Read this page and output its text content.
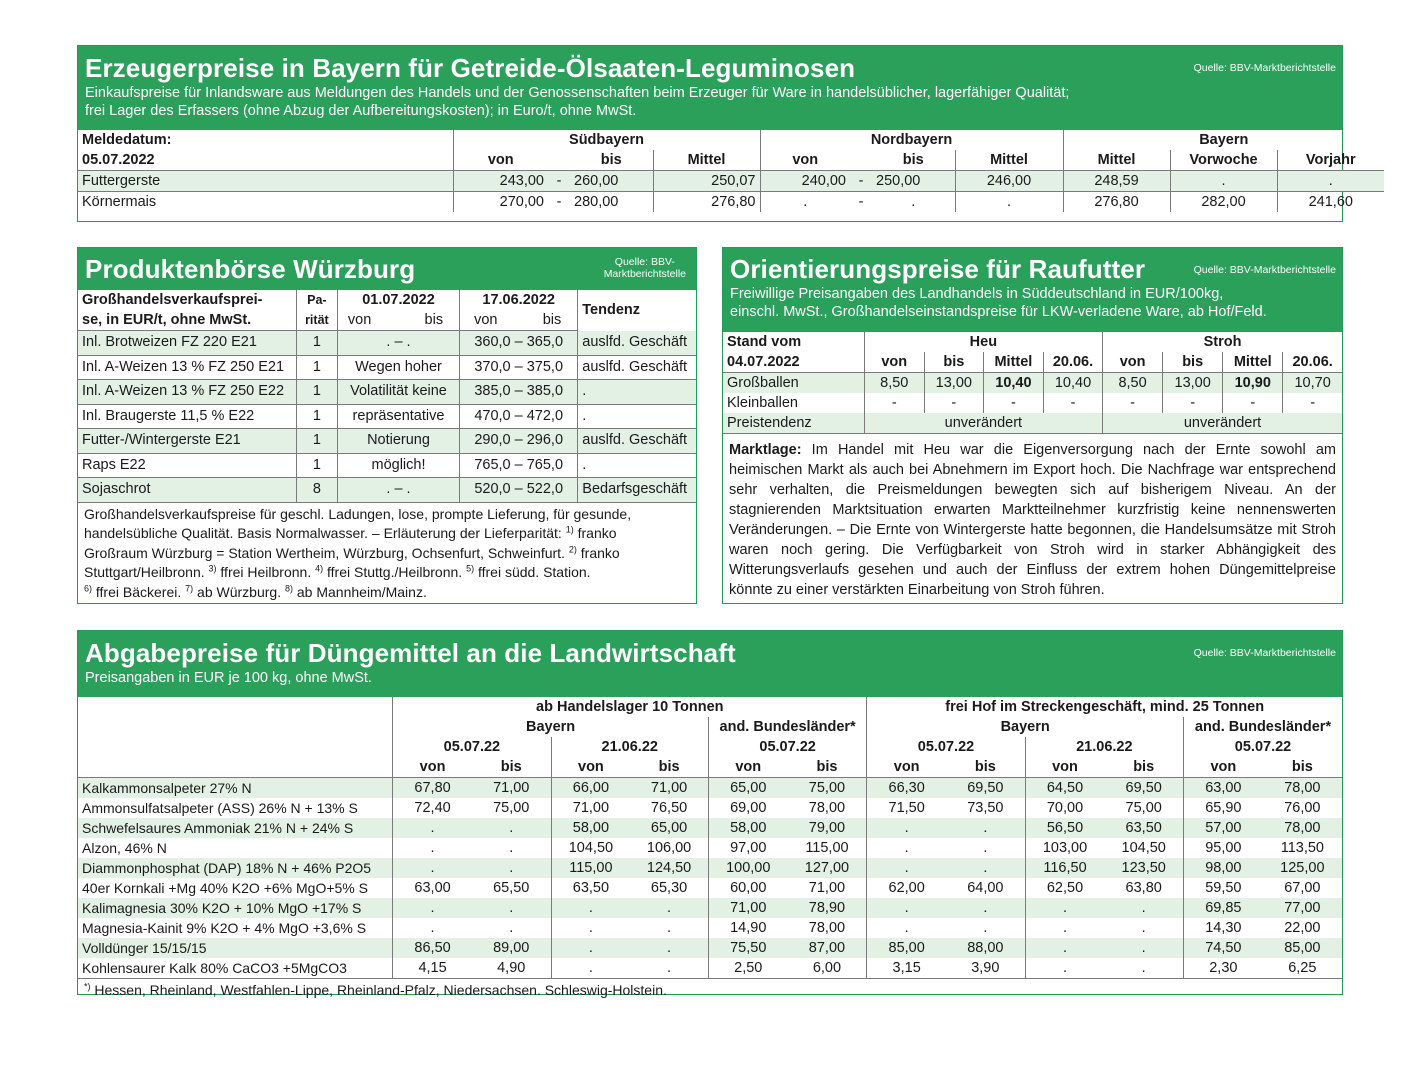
Erzeugerpreise in Bayern für Getreide-Ölsaaten-Leguminosen	Quelle: BBV-Marktberichtstelle
Einkaufspreise für Inlandsware aus Meldungen des Handels und der Genossenschaften beim Erzeuger für Ware in handelsüblicher, lagerfähiger Qualität;
frei Lager des Erfassers (ohne Abzug der Aufbereitungskosten); in Euro/t, ohne MwSt.
Meldedatum:	Südbayern				Nordbayern				Bayern		
05.07.2022	von		bis	Mittel	von		bis	Mittel	Mittel	Vorwoche	Vorjahr
Futtergerste	243,00	-	260,00	250,07	240,00	-	250,00	246,00	248,59	.	.
Körnermais	270,00	-	280,00	276,80	.	-	.	.	276,80	282,00	241,60
Produktenbörse Würzburg	Quelle: BBV-
Marktberichtstelle
Großhandelsverkaufsprei-	Pa-	01.07.2022	17.06.2022	Tendenz
se, in EUR/t, ohne MwSt.	rität	von bis	von bis	
Inl. Brotweizen FZ 220 E21	1	. – .	360,0 – 365,0	auslfd. Geschäft
Inl. A-Weizen 13 % FZ 250 E21	1	Wegen hoher	370,0 – 375,0	auslfd. Geschäft
Inl. A-Weizen 13 % FZ 250 E22	1	Volatilität keine	385,0 – 385,0	.
Inl. Braugerste 11,5 % E22	1	repräsentative	470,0 – 472,0	.
Futter-/Wintergerste E21	1	Notierung	290,0 – 296,0	auslfd. Geschäft
Raps E22	1	möglich!	765,0 – 765,0	.
Sojaschrot	8	. – .	520,0 – 522,0	Bedarfsgeschäft
Großhandelsverkaufspreise für geschl. Ladungen, lose, prompte Lieferung, für gesunde,
handelsübliche Qualität. Basis Normalwasser. – Erläuterung der Lieferparität: $^{1)}$ franko
Großraum Würzburg = Station Wertheim, Würzburg, Ochsenfurt, Schweinfurt. $^{2)}$ franko
Stuttgart/Heilbronn. $^{3)}$ ffrei Heilbronn. $^{4)}$ ffrei Stuttg./Heilbronn. $^{5)}$ ffrei südd. Station.
$^{6)}$ ffrei Bäckerei. $^{7)}$ ab Würzburg. $^{8)}$ ab Mannheim/Mainz.
Orientierungspreise für Raufutter	Quelle: BBV-Marktberichtstelle
Freiwillige Preisangaben des Landhandels in Süddeutschland in EUR/100kg,
einschl. MwSt., Großhandelseinstandspreise für LKW-verladene Ware, ab Hof/Feld.
Stand vom	Heu				Stroh			
04.07.2022	von	bis	Mittel	20.06.	von	bis	Mittel	20.06.
Großballen	8,50	13,00	10,40	10,40	8,50	13,00	10,90	10,70
Kleinballen	-	-	-	-	-	-	-	-
Preistendenz	unverändert				unverändert			
Marktlage: Im Handel mit Heu war die Eigenversorgung nach der Ernte sowohl am heimischen Markt als auch bei Abnehmern im Export hoch. Die Nachfrage war entsprechend sehr verhalten, die Preismeldungen bewegten sich auf bisherigem Niveau. An der stagnierenden Marktsituation erwarten Marktteilnehmer kurzfristig keine nennenswerten Veränderungen. – Die Ernte von Wintergerste hatte begonnen, die Handelsumsätze mit Stroh waren noch gering. Die Verfügbarkeit von Stroh wird in starker Abhängigkeit des Witterungsverlaufs gesehen und auch der Einfluss der extrem hohen Düngemittelpreise könnte zu einer verstärkten Einarbeitung von Stroh führen.
Abgabepreise für Düngemittel an die Landwirtschaft	Quelle: BBV-Marktberichtstelle
Preisangaben in EUR je 100 kg, ohne MwSt.
	ab Handelslager 10 Tonnen						frei Hof im Streckengeschäft, mind. 25 Tonnen					
	Bayern				and. Bundesländer*		Bayern				and. Bundesländer*	
	05.07.22		21.06.22		05.07.22		05.07.22		21.06.22		05.07.22	
	von	bis	von	bis	von	bis	von	bis	von	bis	von	bis
Kalkammonsalpeter 27% N	67,80	71,00	66,00	71,00	65,00	75,00	66,30	69,50	64,50	69,50	63,00	78,00
Ammonsulfatsalpeter (ASS) 26% N + 13% S	72,40	75,00	71,00	76,50	69,00	78,00	71,50	73,50	70,00	75,00	65,90	76,00
Schwefelsaures Ammoniak 21% N + 24% S	.	.	58,00	65,00	58,00	79,00	.	.	56,50	63,50	57,00	78,00
Alzon, 46% N	.	.	104,50	106,00	97,00	115,00	.	.	103,00	104,50	95,00	113,50
Diammonphosphat (DAP) 18% N + 46% P2O5	.	.	115,00	124,50	100,00	127,00	.	.	116,50	123,50	98,00	125,00
40er Kornkali +Mg 40% K2O +6% MgO+5% S	63,00	65,50	63,50	65,30	60,00	71,00	62,00	64,00	62,50	63,80	59,50	67,00
Kalimagnesia 30% K2O + 10% MgO +17% S	.	.	.	.	71,00	78,90	.	.	.	.	69,85	77,00
Magnesia-Kainit 9% K2O + 4% MgO +3,6% S	.	.	.	.	14,90	78,00	.	.	.	.	14,30	22,00
Volldünger 15/15/15	86,50	89,00	.	.	75,50	87,00	85,00	88,00	.	.	74,50	85,00
Kohlensaurer Kalk 80% CaCO3 +5MgCO3	4,15	4,90	.	.	2,50	6,00	3,15	3,90	.	.	2,30	6,25
*) Hessen, Rheinland, Westfahlen-Lippe, Rheinland-Pfalz, Niedersachsen. Schleswig-Holstein.
